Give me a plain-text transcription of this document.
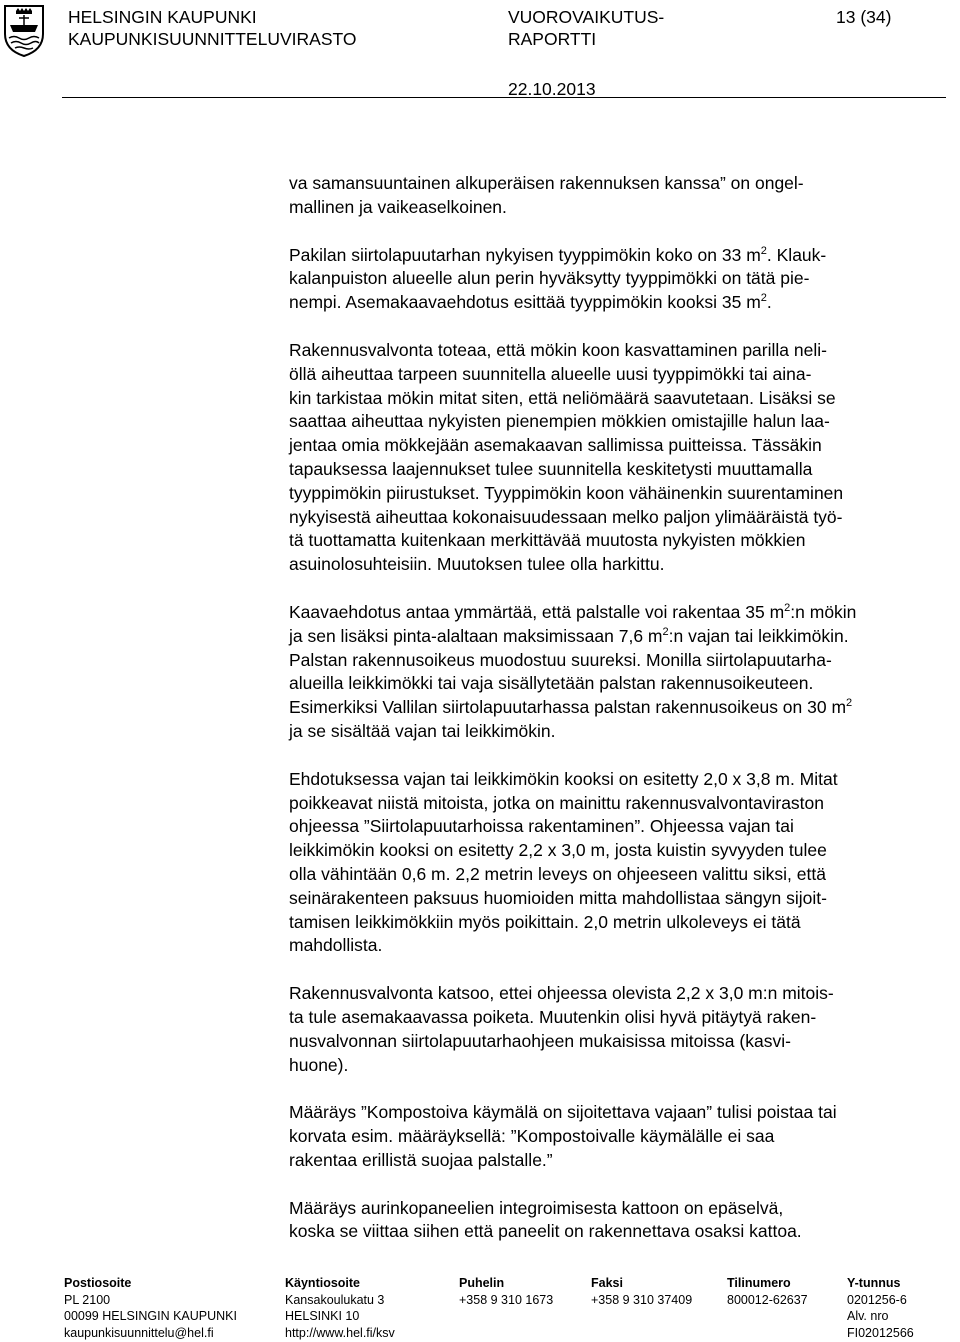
HELSINGIN KAUPUNKI
KAUPUNKISUUNNITTELUVIRASTO
VUOROVAIKUTUS-
RAPORTTI
13 (34)
22.10.2013

va samansuuntainen alkuperäisen rakennuksen kanssa” on ongel-
mallinen ja vaikeaselkoinen.

Pakilan siirtolapuutarhan nykyisen tyyppimökin koko on 33 $m^2$. Klauk-
kalanpuiston alueelle alun perin hyväksytty tyyppimökki on tätä pie-
nempi. Asemakaavaehdotus esittää tyyppimökin kooksi 35 $m^2$.

Rakennusvalvonta toteaa, että mökin koon kasvattaminen parilla neli-
öllä aiheuttaa tarpeen suunnitella alueelle uusi tyyppimökki tai aina-
kin tarkistaa mökin mitat siten, että neliömäärä saavutetaan. Lisäksi se
saattaa aiheuttaa nykyisten pienempien mökkien omistajille halun laa-
jentaa omia mökkejään asemakaavan sallimissa puitteissa. Tässäkin
tapauksessa laajennukset tulee suunnitella keskitetysti muuttamalla
tyyppimökin piirustukset. Tyyppimökin koon vähäinenkin suurentaminen
nykyisestä aiheuttaa kokonaisuudessaan melko paljon ylimääräistä työ-
tä tuottamatta kuitenkaan merkittävää muutosta nykyisten mökkien
asuinolosuhteisiin. Muutoksen tulee olla harkittu.

Kaavaehdotus antaa ymmärtää, että palstalle voi rakentaa 35 $m^2:n$ mökin
ja sen lisäksi pinta-alaltaan maksimissaan 7,6 $m^2:n$ vajan tai leikkimökin.
Palstan rakennusoikeus muodostuu suureksi. Monilla siirtolapuutarha-
alueilla leikkimökki tai vaja sisällytetään palstan rakennusoikeuteen.
Esimerkiksi Vallilan siirtolapuutarhassa palstan rakennusoikeus on 30 $m^2$
ja se sisältää vajan tai leikkimökin.

Ehdotuksessa vajan tai leikkimökin kooksi on esitetty 2,0 x 3,8 m. Mitat
poikkeavat niistä mitoista, jotka on mainittu rakennusvalvontaviraston
ohjeessa ”Siirtolapuutarhoissa rakentaminen”. Ohjeessa vajan tai
leikkimökin kooksi on esitetty 2,2 x 3,0 m, josta kuistin syvyyden tulee
olla vähintään 0,6 m. 2,2 metrin leveys on ohjeeseen valittu siksi, että
seinärakenteen paksuus huomioiden mitta mahdollistaa sängyn sijoit-
tamisen leikkimökkiin myös poikittain. 2,0 metrin ulkoleveys ei tätä
mahdollista.

Rakennusvalvonta katsoo, ettei ohjeessa olevista 2,2 x 3,0 m:n mitois-
ta tule asemakaavassa poiketa. Muutenkin olisi hyvä pitäytyä raken-
nusvalvonnan siirtolapuutarhaohjeen mukaisissa mitoissa (kasvi-
huone).

Määräys ”Kompostoiva käymälä on sijoitettava vajaan” tulisi poistaa tai
korvata esim. määräyksellä: ”Kompostoivalle käymälälle ei saa
rakentaa erillistä suojaa palstalle.”

Määräys aurinkopaneelien integroimisesta kattoon on epäselvä,
koska se viittaa siihen että paneelit on rakennettava osaksi kattoa.

Postiosoite
PL 2100
00099 HELSINGIN KAUPUNKI
kaupunkisuunnittelu@hel.fi
Käyntiosoite
Kansakoulukatu 3
HELSINKI 10
http://www.hel.fi/ksv
Puhelin
+358 9 310 1673
Faksi
+358 9 310 37409
Tilinumero
800012-62637
Y-tunnus
0201256-6
Alv. nro
FI02012566
